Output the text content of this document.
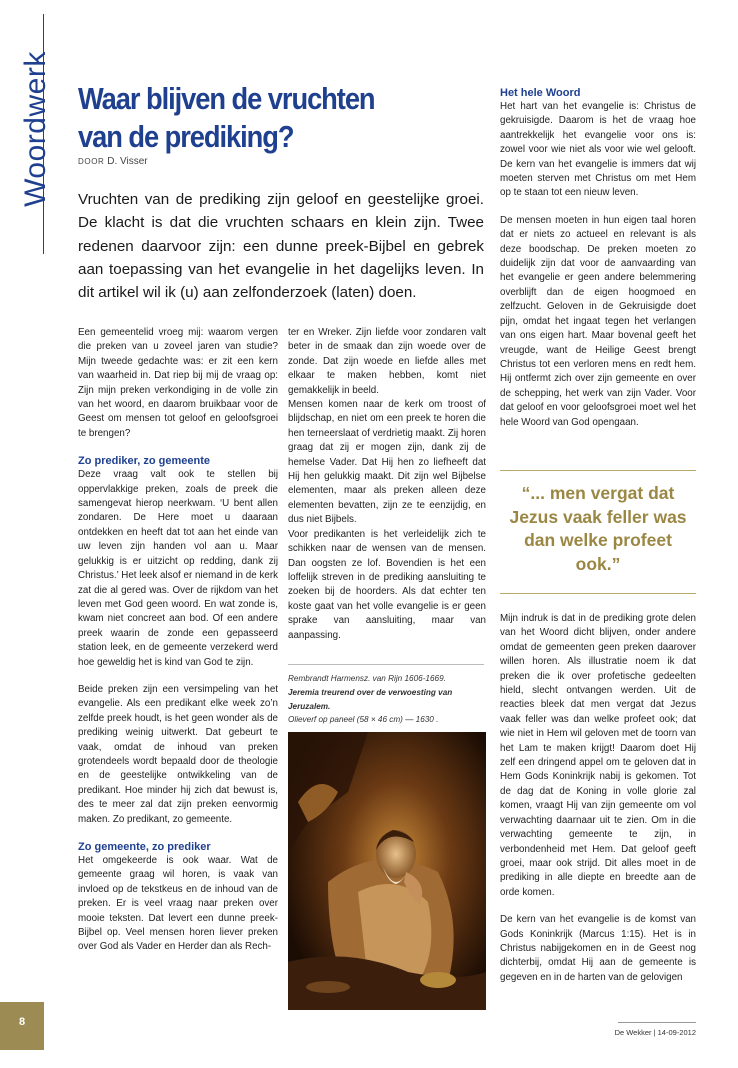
Woordwerk Waar blijven de vruchten
van de prediking?
DOOR D. Visser
Vruchten van de prediking zijn geloof en geestelijke groei. De klacht is dat die vruchten schaars en klein zijn. Twee redenen daarvoor zijn: een dunne preek-Bijbel en gebrek aan toepassing van het evangelie in het dagelijks leven. In dit artikel wil ik (u) aan zelfonderzoek (laten) doen.

Een gemeentelid vroeg mij: waarom vergen die preken van u zoveel jaren van studie? Mijn tweede gedachte was: er zit een kern van waarheid in. Dat riep bij mij de vraag op: Zijn mijn preken verkondiging in de volle zin van het woord, en daarom bruikbaar voor de Geest om mensen tot geloof en geloofsgroei te brengen?

Zo prediker, zo gemeente

Deze vraag valt ook te stellen bij oppervlakkige preken, zoals de preek die samengevat hierop neerkwam. ‘U bent allen zondaren. De Here moet u daaraan ontdekken en heeft dat tot aan het einde van uw leven zijn handen vol aan u. Maar gelukkig is er uitzicht op redding, dank zij Christus.’ Het leek alsof er niemand in de kerk zat die al gered was. Over de rijkdom van het leven met God geen woord. En wat zonde is, kwam niet concreet aan bod. Of een andere preek waarin de zonde een gepasseerd station leek, en de gemeente verzekerd werd hoe geweldig het is kind van God te zijn.

Beide preken zijn een versimpeling van het evangelie. Als een predikant elke week zo’n zelfde preek houdt, is het geen wonder als de prediking weinig uitwerkt. Dat gebeurt te vaak, omdat de inhoud van preken grotendeels wordt bepaald door de theologie en de geestelijke ontwikkeling van de predikant. Hoe minder hij zich dat bewust is, des te meer zal dat zijn preken eenvormig maken. Zo predikant, zo gemeente.

Zo gemeente, zo prediker

Het omgekeerde is ook waar. Wat de gemeente graag wil horen, is vaak van invloed op de tekstkeus en de inhoud van de preken. Er is veel vraag naar preken over mooie teksten. Dat levert een dunne preek-Bijbel op. Veel mensen horen liever preken over God als Vader en Herder dan als Rech-

ter en Wreker. Zijn liefde voor zondaren valt beter in de smaak dan zijn woede over de zonde. Dat zijn woede en liefde alles met elkaar te maken hebben, komt niet gemakkelijk in beeld.

Mensen komen naar de kerk om troost of blijdschap, en niet om een preek te horen die hen terneerslaat of verdrietig maakt. Zij horen graag dat zij er mogen zijn, dank zij de hemelse Vader. Dat Hij hen zo liefheeft dat Hij hen gelukkig maakt. Dit zijn wel Bijbelse elementen, maar als preken alleen deze elementen bevatten, zijn ze te eenzijdig, en dus niet Bijbels.

Voor predikanten is het verleidelijk zich te schikken naar de wensen van de mensen. Dan oogsten ze lof. Bovendien is het een loffelijk streven in de prediking aansluiting te zoeken bij de hoorders. Als dat echter ten koste gaat van het volle evangelie is er geen sprake van aansluiting, maar van aanpassing.

Rembrandt Harmensz. van Rijn 1606-1669.
Jeremia treurend over de verwoesting van Jeruzalem.
Olieverf op paneel (58 × 46 cm) — 1630 .
Het hele Woord

Het hart van het evangelie is: Christus de gekruisigde. Daarom is het de vraag hoe aantrekkelijk het evangelie voor ons is: zowel voor wie niet als voor wie wel gelooft. De kern van het evangelie is immers dat wij moeten sterven met Christus om met Hem op te staan tot een nieuw leven.

De mensen moeten in hun eigen taal horen dat er niets zo actueel en relevant is als deze boodschap. De preken moeten zo duidelijk zijn dat voor de aanvaarding van het evangelie er geen andere belemmering overblijft dan de eigen hoogmoed en zelfzucht. Geloven in de Gekruisigde doet pijn, omdat het ingaat tegen het verlangen van ons eigen hart. Maar bovenal geeft het vreugde, want de Heilige Geest brengt Christus tot een verloren mens en redt hem. Hij ontfermt zich over zijn gemeente en over de schepping, het werk van zijn Vader. Voor dat geloof en voor geloofsgroei moet wel het hele Woord van God opengaan.

“... men vergat dat Jezus vaak feller was dan welke profeet ook.”

Mijn indruk is dat in de prediking grote delen van het Woord dicht blijven, onder andere omdat de gemeenten geen preken daarover willen horen. Als illustratie noem ik dat preken die ik over profetische gedeelten hield, slecht ontvangen werden. Uit de reacties bleek dat men vergat dat Jezus vaak feller was dan welke profeet ook; dat wie niet in Hem wil geloven met de toorn van het Lam te maken krijgt! Daarom doet Hij zelf een dringend appel om te geloven dat in Hem Gods Koninkrijk nabij is gekomen. Tot de dag dat de Koning in volle glorie zal komen, vraagt Hij van zijn gemeente om vol verwachting daarnaar uit te zien. Om in die verwachting gemeente te zijn, in verbondenheid met Hem. Dat geloof geeft groei, maar ook strijd. Dit alles moet in de prediking in alle diepte en breedte aan de orde komen.

De kern van het evangelie is de komst van Gods Koninkrijk (Marcus 1:15). Het is in Christus nabijgekomen en in de Geest nog dichterbij, omdat Hij aan de gemeente is gegeven en in de harten van de gelovigen

8
De Wekker | 14-09-2012
